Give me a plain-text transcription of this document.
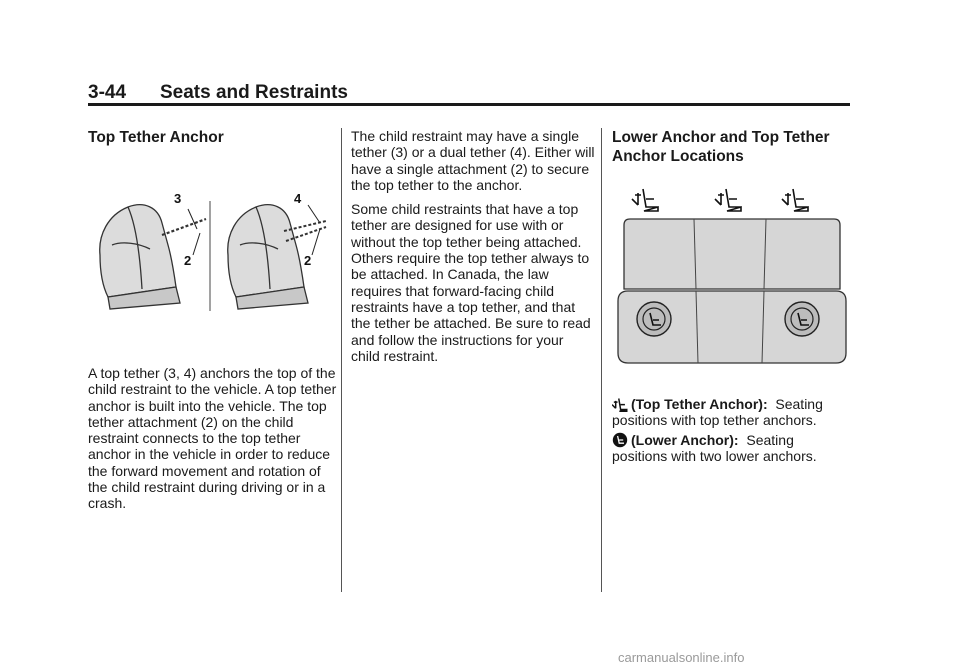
3-44 Seats and Restraints
Top Tether Anchor
3
2
4
2

A top tether (3, 4) anchors the top of the child restraint to the vehicle. A top tether anchor is built into the vehicle. The top tether attachment (2) on the child restraint connects to the top tether anchor in the vehicle in order to reduce the forward movement and rotation of the child restraint during driving or in a crash.

The child restraint may have a single tether (3) or a dual tether (4). Either will have a single attachment (2) to secure the top tether to the anchor.

Some child restraints that have a top tether are designed for use with or without the top tether being attached. Others require the top tether always to be attached. In Canada, the law requires that forward-facing child restraints have a top tether, and that the tether be attached. Be sure to read and follow the instructions for your child restraint.

Lower Anchor and Top Tether Anchor Locations
(Top Tether Anchor): Seating positions with top tether anchors.
(Lower Anchor): Seating positions with two lower anchors.
carmanualsonline.info
